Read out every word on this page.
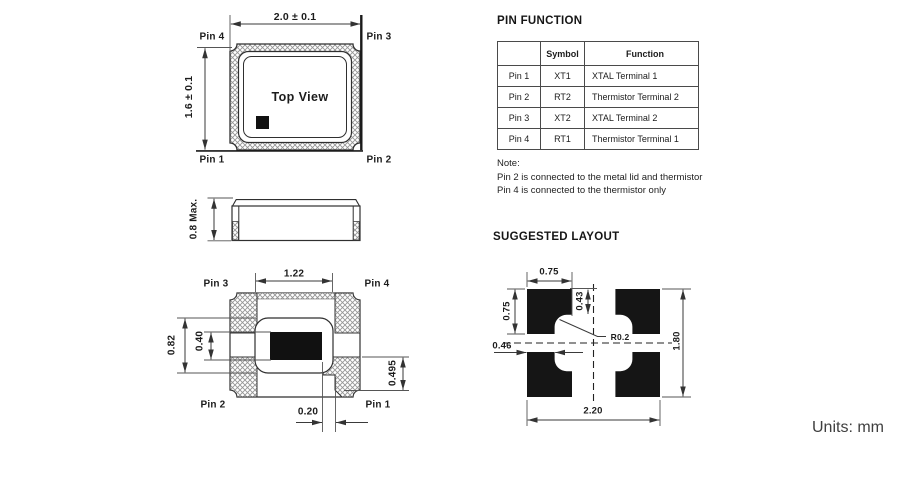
2.0 ± 0.1
1.6 ± 0.1	Top View
Pin 4	Pin 3
Pin 1	Pin 2
0.8 Max.
1.22
0.82 0.40
0.495
0.20
Pin 3	Pin 4
Pin 2	Pin 1
PIN FUNCTION
	Symbol	Function
Pin 1	XT1	XTAL Terminal 1
Pin 2	RT2	Thermistor Terminal 2
Pin 3	XT2	XTAL Terminal 2
Pin 4	RT1	Thermistor Terminal 1
Note:
Pin 2 is connected to the metal lid and thermistor
Pin 4 is connected to the thermistor only
SUGGESTED LAYOUT
0.75
0.75
0.43
0.46
R0.2	1.80
2.20
Units: mm
